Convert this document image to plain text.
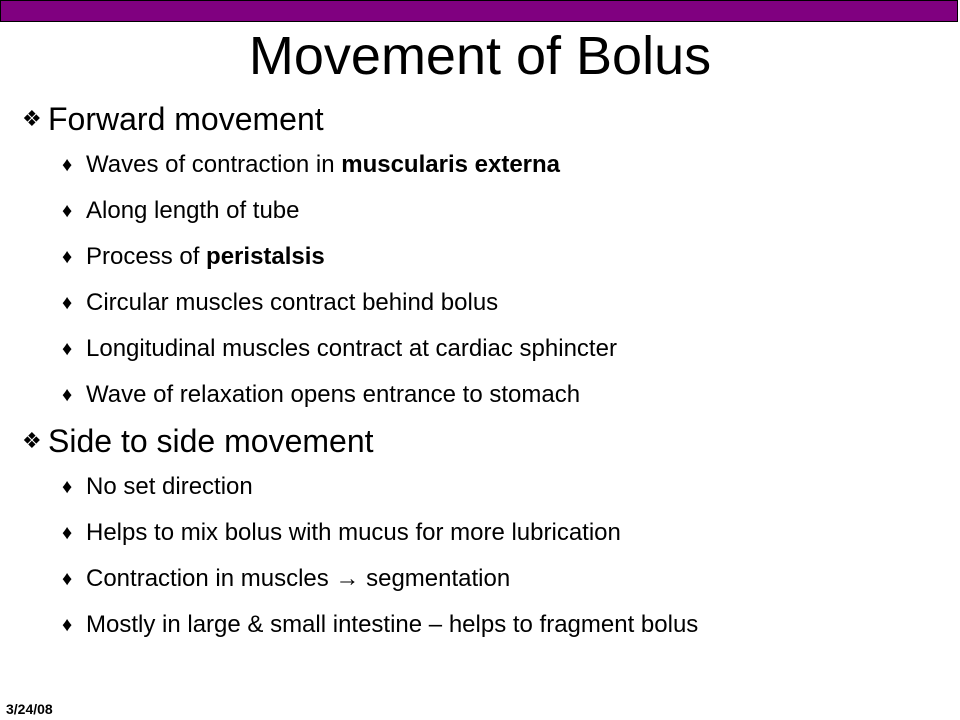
Movement of Bolus
❖ Forward movement
♦ Waves of contraction in muscularis externa
♦ Along length of tube
♦ Process of peristalsis
♦ Circular muscles contract behind bolus
♦ Longitudinal muscles contract at cardiac sphincter
♦ Wave of relaxation opens entrance to stomach
❖ Side to side movement
♦ No set direction
♦ Helps to mix bolus with mucus for more lubrication
♦ Contraction in muscles → segmentation
♦ Mostly in large & small intestine – helps to fragment bolus
3/24/08
